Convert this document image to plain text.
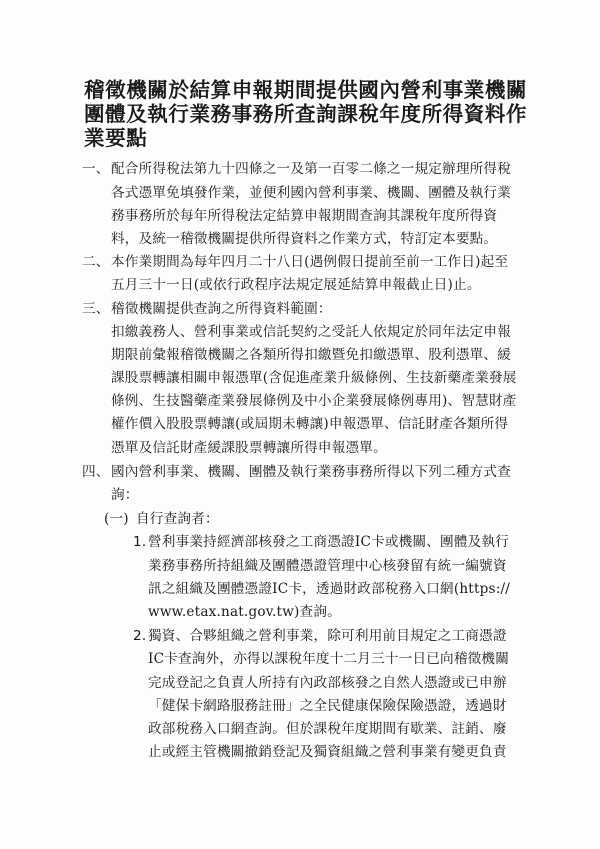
稽徵機關於結算申報期間提供國內營利事業機關
團體及執行業務事務所查詢課稅年度所得資料作
業要點
一、 配合所得稅法第九十四條之一及第一百零二條之一規定辦理所得稅
各式憑單免填發作業，並便利國內營利事業、機關、團體及執行業
務事務所於每年所得稅法定結算申報期間查詢其課稅年度所得資
料，及統一稽徵機關提供所得資料之作業方式，特訂定本要點。
二、 本作業期間為每年四月二十八日(遇例假日提前至前一工作日)起至
五月三十一日(或依行政程序法規定展延結算申報截止日)止。
三、 稽徵機關提供查詢之所得資料範圍：
扣繳義務人、營利事業或信託契約之受託人依規定於同年法定申報
期限前彙報稽徵機關之各類所得扣繳暨免扣繳憑單、股利憑單、緩
課股票轉讓相關申報憑單(含促進產業升級條例、生技新藥產業發展
條例、生技醫藥產業發展條例及中小企業發展條例專用)、智慧財產
權作價入股股票轉讓(或屆期未轉讓)申報憑單、信託財產各類所得
憑單及信託財產緩課股票轉讓所得申報憑單。
四、 國內營利事業、機關、團體及執行業務事務所得以下列二種方式查
詢：
(一) 自行查詢者：
1. 營利事業持經濟部核發之工商憑證IC卡或機關、團體及執行
業務事務所持組織及團體憑證管理中心核發留有統一編號資
訊之組織及團體憑證IC卡，透過財政部稅務入口網(https://
www.etax.nat.gov.tw)查詢。
2. 獨資、合夥組織之營利事業，除可利用前目規定之工商憑證
IC卡查詢外，亦得以課稅年度十二月三十一日已向稽徵機關
完成登記之負責人所持有內政部核發之自然人憑證或已申辦
「健保卡網路服務註冊」之全民健康保險保險憑證，透過財
政部稅務入口網查詢。但於課稅年度期間有歇業、註銷、廢
止或經主管機關撤銷登記及獨資組織之營利事業有變更負責
